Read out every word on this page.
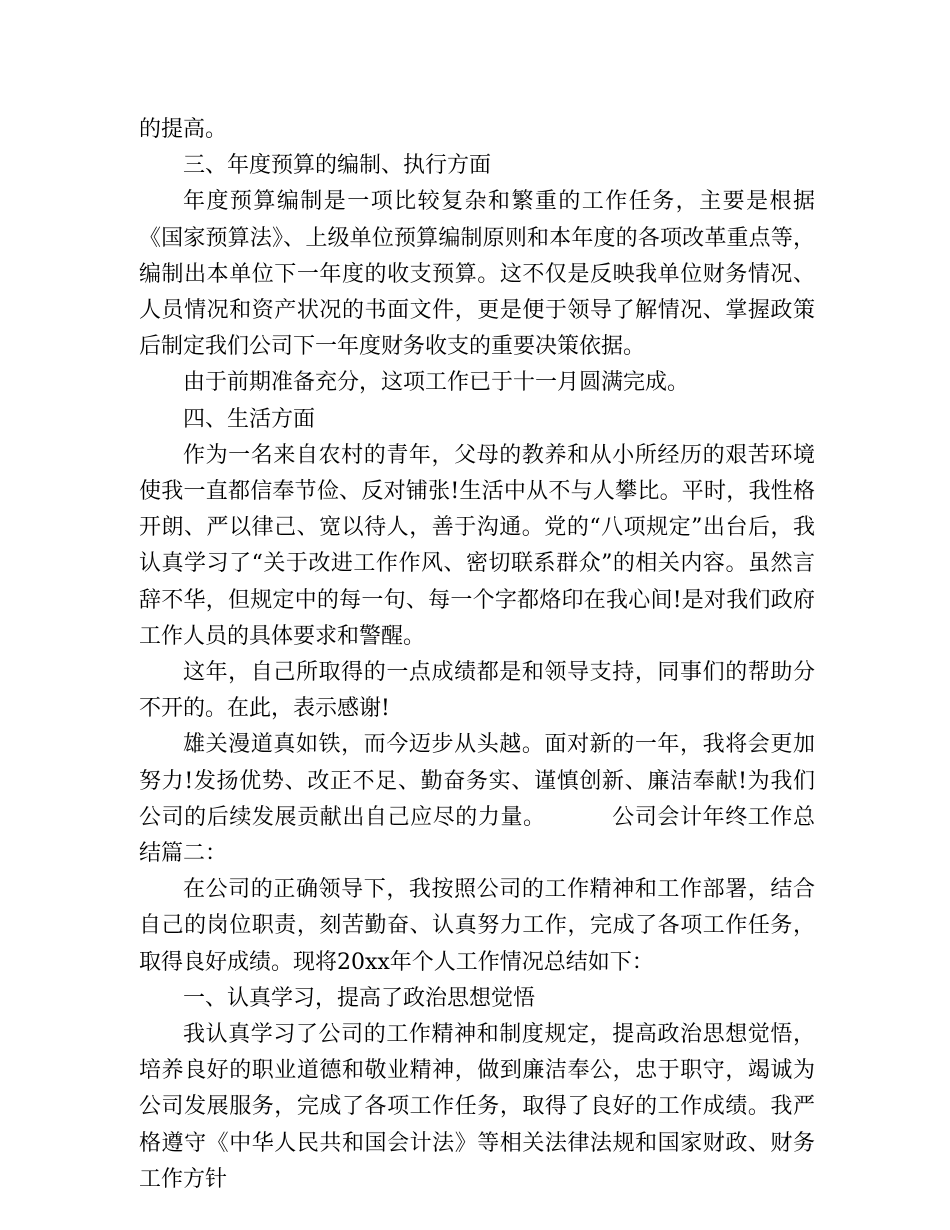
的提高。

三、年度预算的编制、执行方面

年度预算编制是一项比较复杂和繁重的工作任务，主要是根据《国家预算法》、上级单位预算编制原则和本年度的各项改革重点等，编制出本单位下一年度的收支预算。这不仅是反映我单位财务情况、人员情况和资产状况的书面文件，更是便于领导了解情况、掌握政策后制定我们公司下一年度财务收支的重要决策依据。

由于前期准备充分，这项工作已于十一月圆满完成。

四、生活方面

作为一名来自农村的青年，父母的教养和从小所经历的艰苦环境使我一直都信奉节俭、反对铺张!生活中从不与人攀比。平时，我性格开朗、严以律己、宽以待人，善于沟通。党的“八项规定”出台后，我认真学习了“关于改进工作作风、密切联系群众”的相关内容。虽然言辞不华，但规定中的每一句、每一个字都烙印在我心间!是对我们政府工作人员的具体要求和警醒。

这年，自己所取得的一点成绩都是和领导支持，同事们的帮助分不开的。在此，表示感谢!

雄关漫道真如铁，而今迈步从头越。面对新的一年，我将会更加努力!发扬优势、改正不足、勤奋务实、谨慎创新、廉洁奉献!为我们公司的后续发展贡献出自己应尽的力量。	公司会计年终工作总结篇二：

在公司的正确领导下，我按照公司的工作精神和工作部署，结合自己的岗位职责，刻苦勤奋、认真努力工作，完成了各项工作任务，取得良好成绩。现将20xx年个人工作情况总结如下：

一、认真学习，提高了政治思想觉悟

我认真学习了公司的工作精神和制度规定，提高政治思想觉悟，培养良好的职业道德和敬业精神，做到廉洁奉公，忠于职守，竭诚为公司发展服务，完成了各项工作任务，取得了良好的工作成绩。我严格遵守《中华人民共和国会计法》等相关法律法规和国家财政、财务工作方针
